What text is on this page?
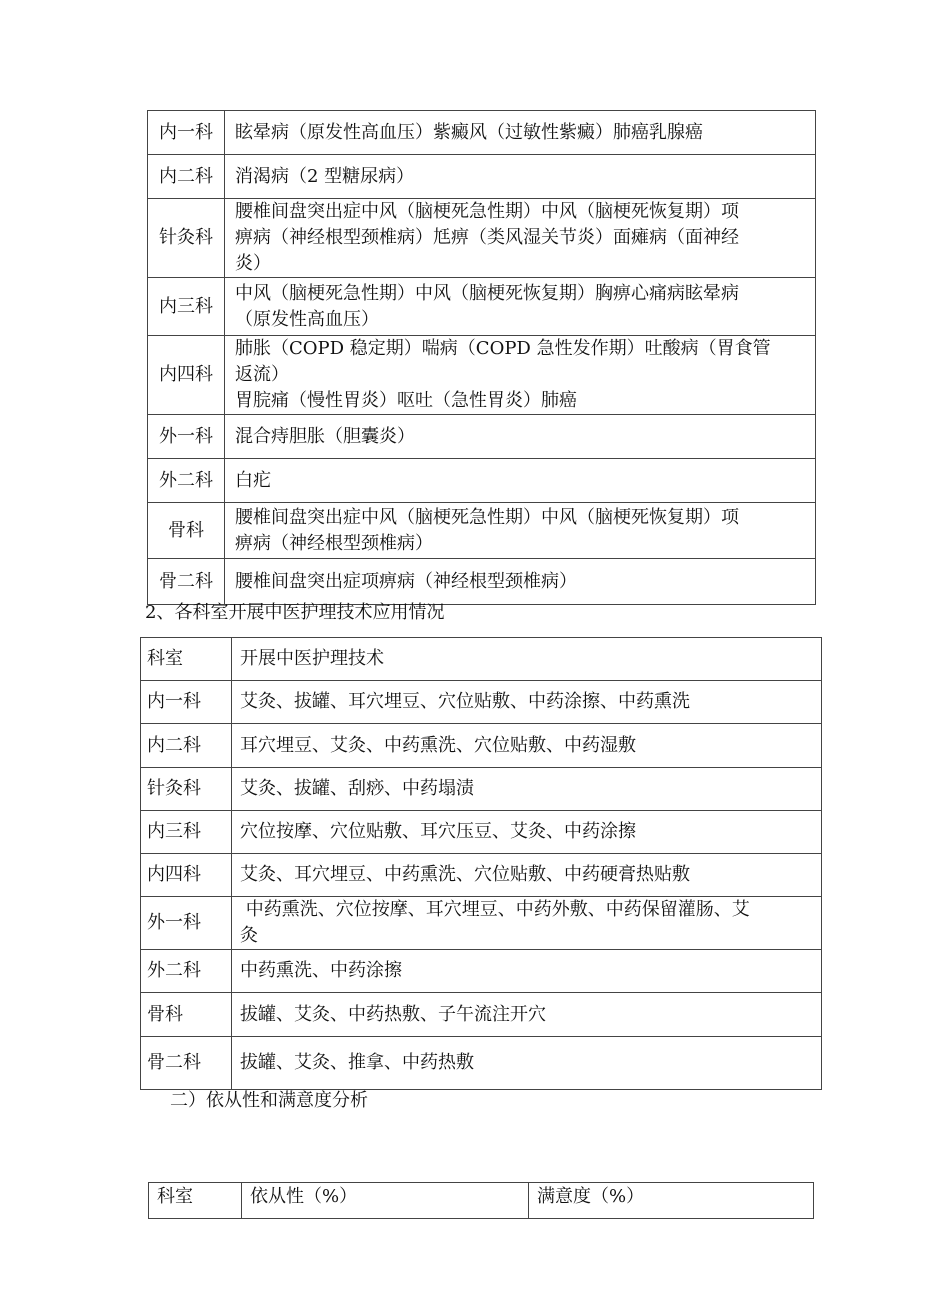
内一科	眩晕病（原发性高血压）紫癜风（过敏性紫癜）肺癌乳腺癌

内二科	消渴病（2 型糖尿病）

针灸科	腰椎间盘突出症中风（脑梗死急性期）中风（脑梗死恢复期）项
痹病（神经根型颈椎病）尪痹（类风湿关节炎）面瘫病（面神经
炎）

内三科	中风（脑梗死急性期）中风（脑梗死恢复期）胸痹心痛病眩晕病
（原发性高血压）

内四科	肺胀（COPD 稳定期）喘病（COPD 急性发作期）吐酸病（胃食管
返流）
胃脘痛（慢性胃炎）呕吐（急性胃炎）肺癌

外一科	混合痔胆胀（胆囊炎）

外二科	白疕

骨科	腰椎间盘突出症中风（脑梗死急性期）中风（脑梗死恢复期）项
痹病（神经根型颈椎病）

骨二科	腰椎间盘突出症项痹病（神经根型颈椎病）
2、各科室开展中医护理技术应用情况
科室	开展中医护理技术
内一科	艾灸、拔罐、耳穴埋豆、穴位贴敷、中药涂擦、中药熏洗

内二科	耳穴埋豆、艾灸、中药熏洗、穴位贴敷、中药湿敷

针灸科	艾灸、拔罐、刮痧、中药塌渍

内三科	穴位按摩、穴位贴敷、耳穴压豆、艾灸、中药涂擦

内四科	艾灸、耳穴埋豆、中药熏洗、穴位贴敷、中药硬膏热贴敷

外一科	中药熏洗、穴位按摩、耳穴埋豆、中药外敷、中药保留灌肠、艾
灸

外二科	中药熏洗、中药涂擦

骨科	拔罐、艾灸、中药热敷、子午流注开穴

骨二科	拔罐、艾灸、推拿、中药热敷
二）依从性和满意度分析
科室	依从性（%）	满意度（%）
